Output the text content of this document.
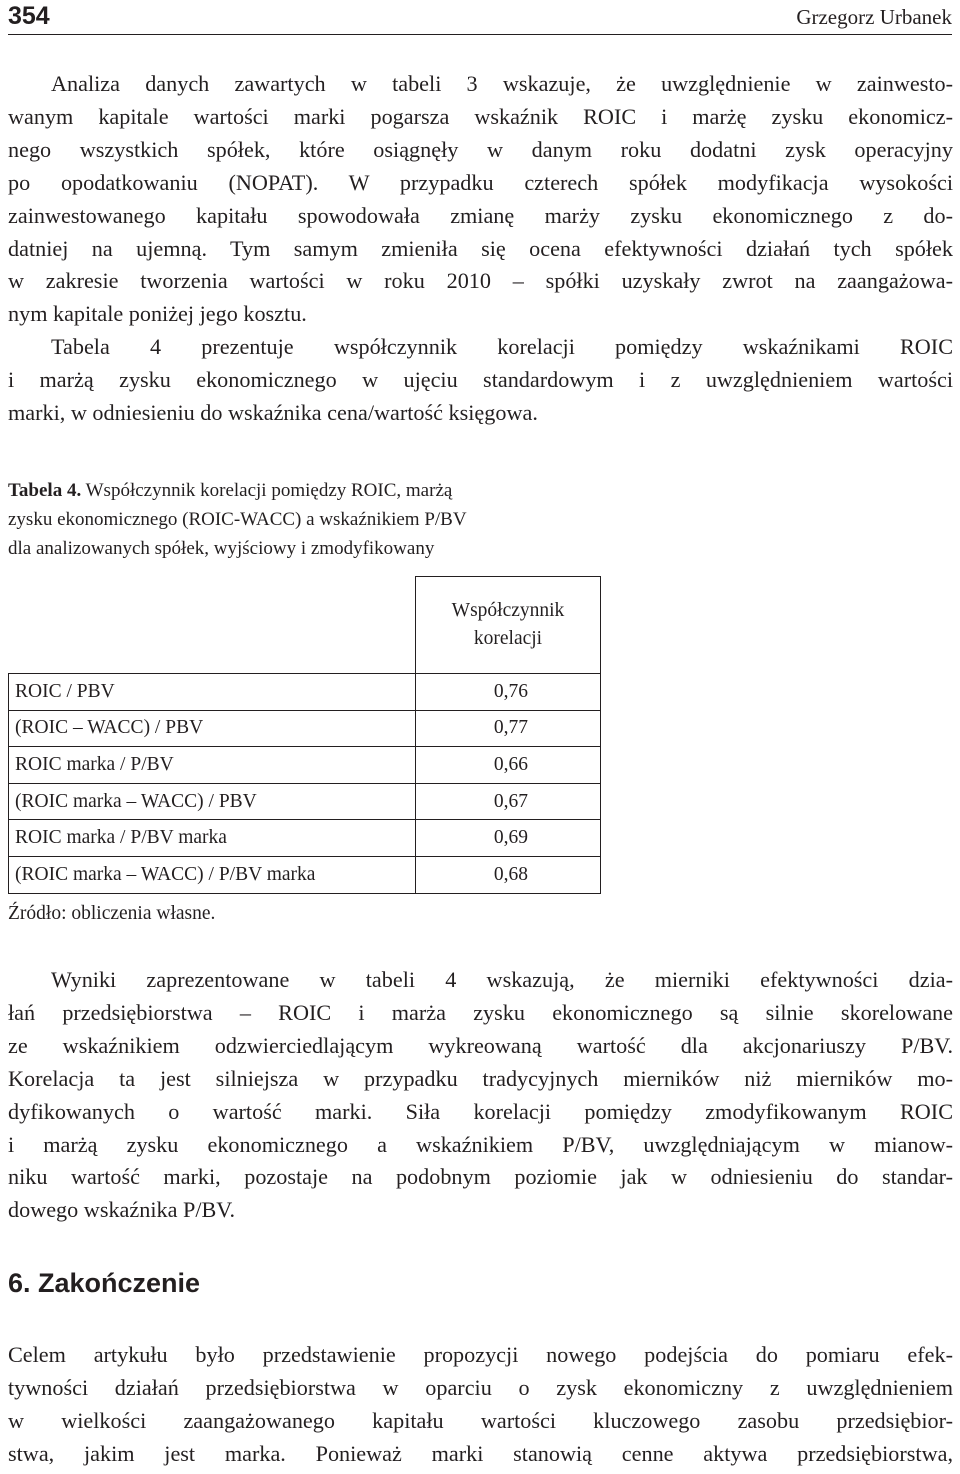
354	Grzegorz Urbanek
Analiza danych zawartych w tabeli 3 wskazuje, że uwzględnienie w zainwesto-
wanym kapitale wartości marki pogarsza wskaźnik ROIC i marżę zysku ekonomicz-
nego wszystkich spółek, które osiągnęły w danym roku dodatni zysk operacyjny
po opodatkowaniu (NOPAT). W przypadku czterech spółek modyfikacja wysokości
zainwestowanego kapitału spowodowała zmianę marży zysku ekonomicznego z do-
datniej na ujemną. Tym samym zmieniła się ocena efektywności działań tych spółek
w zakresie tworzenia wartości w roku 2010 – spółki uzyskały zwrot na zaangażowa-
nym kapitale poniżej jego kosztu.
Tabela 4 prezentuje współczynnik korelacji pomiędzy wskaźnikami ROIC
i marżą zysku ekonomicznego w ujęciu standardowym i z uwzględnieniem wartości
marki, w odniesieniu do wskaźnika cena/wartość księgowa.
Tabela 4. Współczynnik korelacji pomiędzy ROIC, marżą
zysku ekonomicznego (ROIC-WACC) a wskaźnikiem P/BV
dla analizowanych spółek, wyjściowy i zmodyfikowany
	Współczynnik
korelacji
ROIC / PBV	0,76
(ROIC – WACC) / PBV	0,77
ROIC marka / P/BV	0,66
(ROIC marka – WACC) / PBV	0,67
ROIC marka / P/BV marka	0,69
(ROIC marka – WACC) / P/BV marka	0,68
Źródło: obliczenia własne.
Wyniki zaprezentowane w tabeli 4 wskazują, że mierniki efektywności dzia-
łań przedsiębiorstwa – ROIC i marża zysku ekonomicznego są silnie skorelowane
ze wskaźnikiem odzwierciedlającym wykreowaną wartość dla akcjonariuszy P/BV.
Korelacja ta jest silniejsza w przypadku tradycyjnych mierników niż mierników mo-
dyfikowanych o wartość marki. Siła korelacji pomiędzy zmodyfikowanym ROIC
i marżą zysku ekonomicznego a wskaźnikiem P/BV, uwzględniającym w mianow-
niku wartość marki, pozostaje na podobnym poziomie jak w odniesieniu do standar-
dowego wskaźnika P/BV.
6. Zakończenie
Celem artykułu było przedstawienie propozycji nowego podejścia do pomiaru efek-
tywności działań przedsiębiorstwa w oparciu o zysk ekonomiczny z uwzględnieniem
w wielkości zaangażowanego kapitału wartości kluczowego zasobu przedsiębior-
stwa, jakim jest marka. Ponieważ marki stanowią cenne aktywa przedsiębiorstwa,
